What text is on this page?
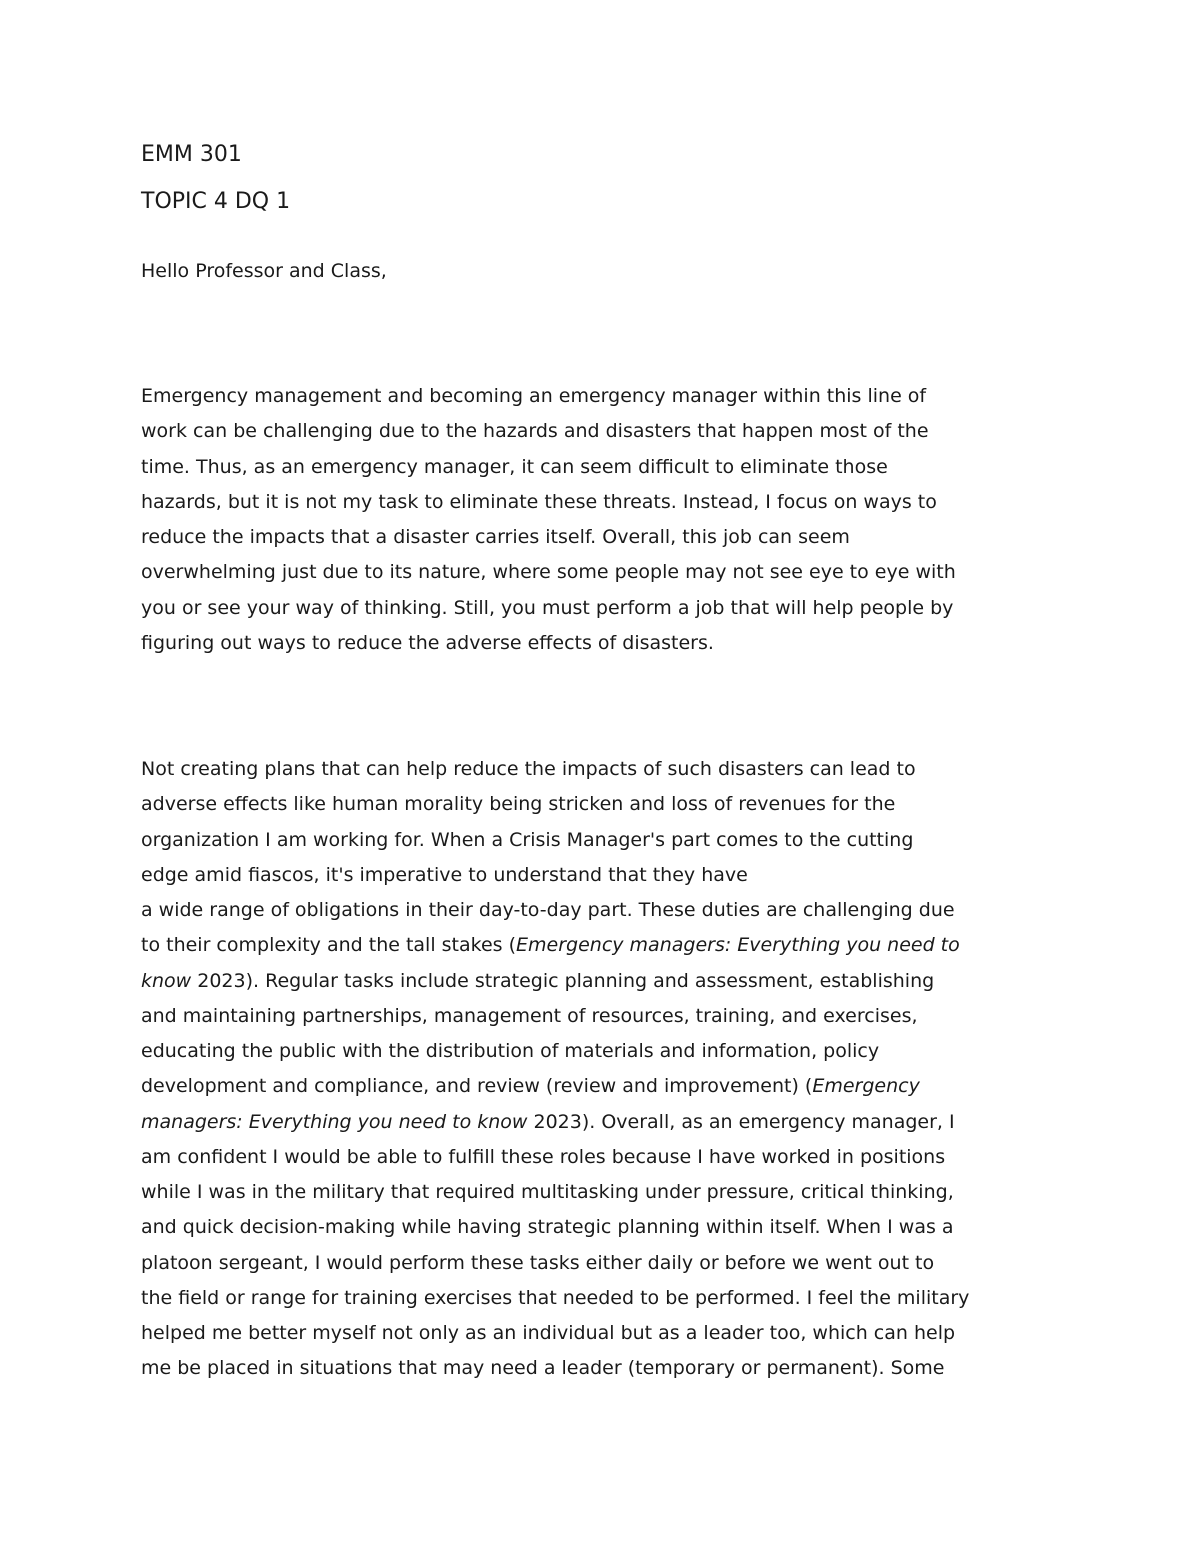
EMM 301
TOPIC 4 DQ 1

Hello Professor and Class,

Emergency management and becoming an emergency manager within this line of
work can be challenging due to the hazards and disasters that happen most of the
time. Thus, as an emergency manager, it can seem difficult to eliminate those
hazards, but it is not my task to eliminate these threats. Instead, I focus on ways to
reduce the impacts that a disaster carries itself. Overall, this job can seem
overwhelming just due to its nature, where some people may not see eye to eye with
you or see your way of thinking. Still, you must perform a job that will help people by
figuring out ways to reduce the adverse effects of disasters.
Not creating plans that can help reduce the impacts of such disasters can lead to
adverse effects like human morality being stricken and loss of revenues for the
organization I am working for. When a Crisis Manager's part comes to the cutting
edge amid fiascos, it's imperative to understand that they have
a wide range of obligations in their day-to-day part. These duties are challenging due
to their complexity and the tall stakes (Emergency managers: Everything you need to
know 2023). Regular tasks include strategic planning and assessment, establishing
and maintaining partnerships, management of resources, training, and exercises,
educating the public with the distribution of materials and information, policy
development and compliance, and review (review and improvement) (Emergency
managers: Everything you need to know 2023). Overall, as an emergency manager, I
am confident I would be able to fulfill these roles because I have worked in positions
while I was in the military that required multitasking under pressure, critical thinking,
and quick decision-making while having strategic planning within itself. When I was a
platoon sergeant, I would perform these tasks either daily or before we went out to
the field or range for training exercises that needed to be performed. I feel the military
helped me better myself not only as an individual but as a leader too, which can help
me be placed in situations that may need a leader (temporary or permanent). Some
